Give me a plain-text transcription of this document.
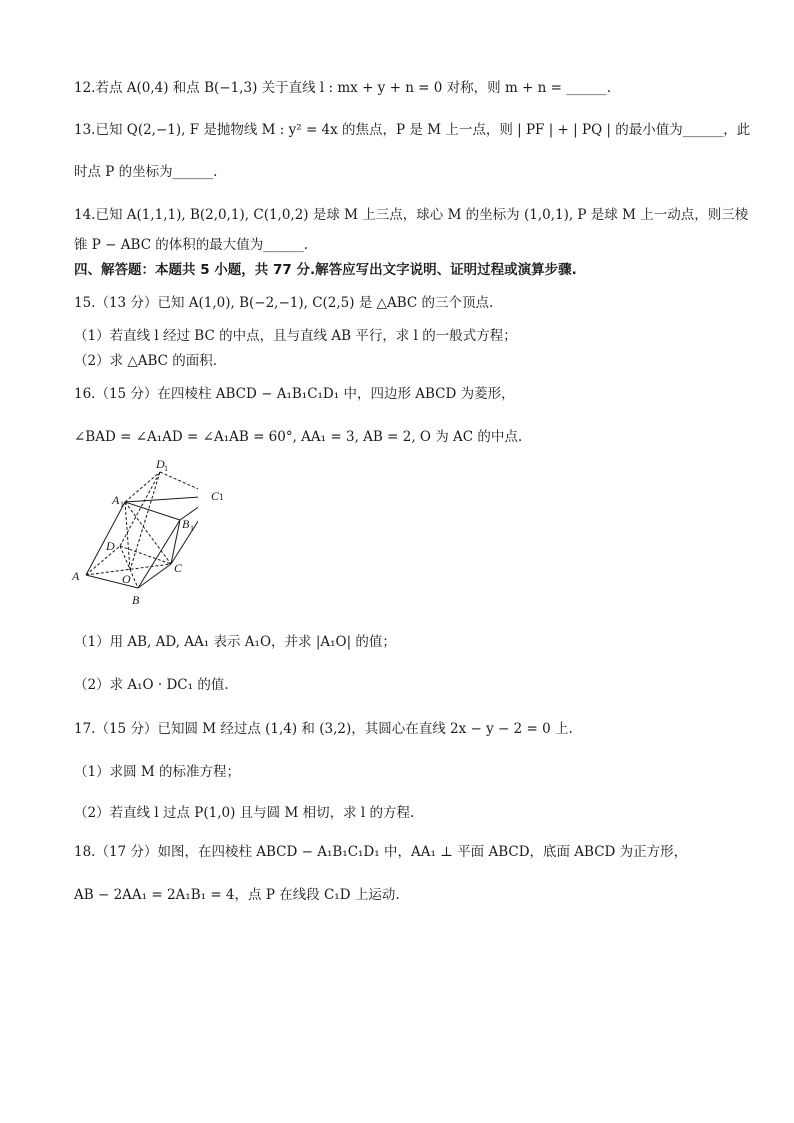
12.若点 A(0,4) 和点 B(−1,3) 关于直线 l : mx + y + n = 0 对称，则 m + n = ______.
13.已知 Q(2,−1), F 是抛物线 M : y² = 4x 的焦点，P 是 M 上一点，则 | PF | + | PQ | 的最小值为______，此
时点 P 的坐标为______.
14.已知 A(1,1,1), B(2,0,1), C(1,0,2) 是球 M 上三点，球心 M 的坐标为 (1,0,1), P 是球 M 上一动点，则三棱
锥 P − ABC 的体积的最大值为______.
四、解答题：本题共 5 小题，共 77 分.解答应写出文字说明、证明过程或演算步骤.
15.（13 分）已知 A(1,0), B(−2,−1), C(2,5) 是 △ABC 的三个顶点.
（1）若直线 l 经过 BC 的中点，且与直线 AB 平行，求 l 的一般式方程；
（2）求 △ABC 的面积.
16.（15 分）在四棱柱 ABCD − A₁B₁C₁D₁ 中，四边形 ABCD 为菱形，
∠BAD = ∠A₁AD = ∠A₁AB = 60°, AA₁ = 3, AB = 2, O 为 AC 的中点.
D 1
A 1
B 1
D
A	O
C
B
C1
（1）用 AB, AD, AA₁ 表示 A₁O，并求 |A₁O| 的值；
（2）求 A₁O · DC₁ 的值.
17.（15 分）已知圆 M 经过点 (1,4) 和 (3,2)，其圆心在直线 2x − y − 2 = 0 上.
（1）求圆 M 的标准方程；
（2）若直线 l 过点 P(1,0) 且与圆 M 相切，求 l 的方程.
18.（17 分）如图，在四棱柱 ABCD − A₁B₁C₁D₁ 中，AA₁ ⊥ 平面 ABCD，底面 ABCD 为正方形，
AB − 2AA₁ = 2A₁B₁ = 4，点 P 在线段 C₁D 上运动.
